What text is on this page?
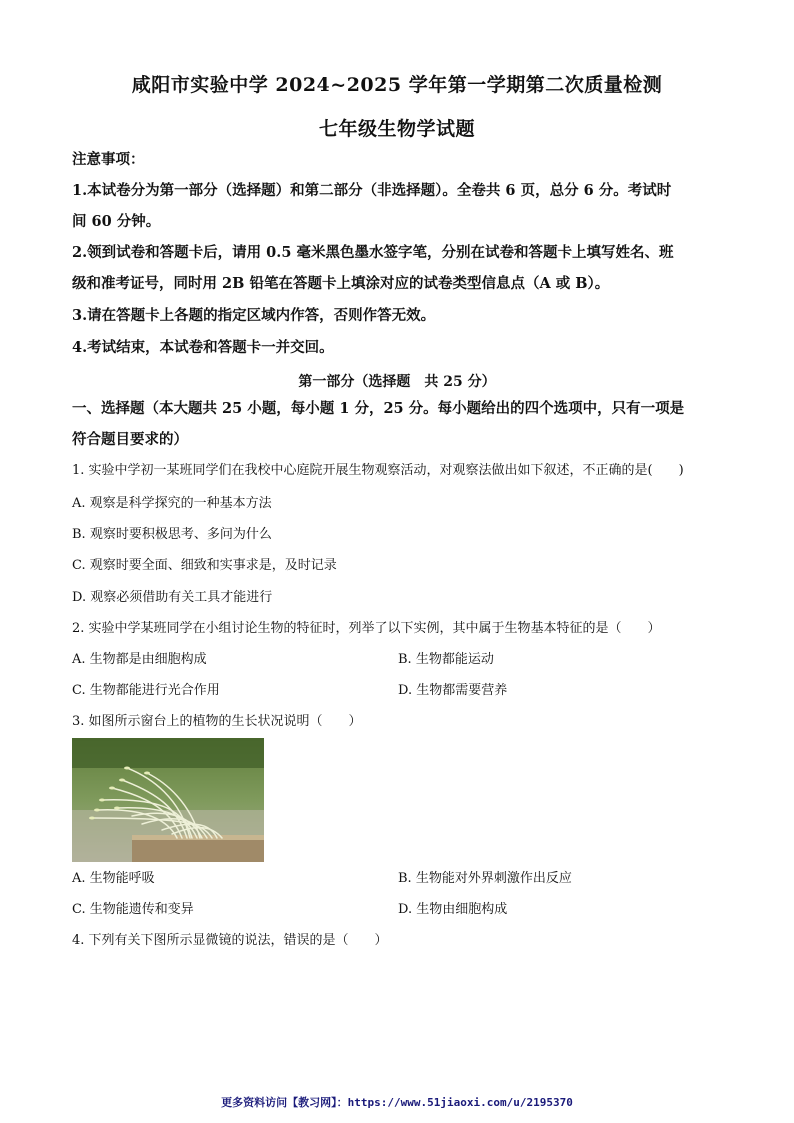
咸阳市实验中学 2024~2025 学年第一学期第二次质量检测
七年级生物学试题
注意事项：
1.本试卷分为第一部分（选择题）和第二部分（非选择题）。全卷共 6 页，总分 6 分。考试时
间 60 分钟。
2.领到试卷和答题卡后，请用 0.5 毫米黑色墨水签字笔，分别在试卷和答题卡上填写姓名、班
级和准考证号，同时用 2B 铅笔在答题卡上填涂对应的试卷类型信息点（A 或 B）。
3.请在答题卡上各题的指定区域内作答，否则作答无效。
4.考试结束，本试卷和答题卡一并交回。
第一部分（选择题　共 25 分）
一、选择题（本大题共 25 小题，每小题 1 分，25 分。每小题给出的四个选项中，只有一项是
符合题目要求的）
1. 实验中学初一某班同学们在我校中心庭院开展生物观察活动，对观察法做出如下叙述，不正确的是(　　)
A. 观察是科学探究的一种基本方法
B. 观察时要积极思考、多问为什么
C. 观察时要全面、细致和实事求是，及时记录
D. 观察必须借助有关工具才能进行
2. 实验中学某班同学在小组讨论生物的特征时，列举了以下实例，其中属于生物基本特征的是（　　）
A. 生物都是由细胞构成	B. 生物都能运动
C. 生物都能进行光合作用	D. 生物都需要营养
3. 如图所示窗台上的植物的生长状况说明（　　）
A. 生物能呼吸	B. 生物能对外界刺激作出反应
C. 生物能遗传和变异	D. 生物由细胞构成
4. 下列有关下图所示显微镜的说法，错误的是（　　）
更多资料访问【教习网】：https://www.51jiaoxi.com/u/2195370
